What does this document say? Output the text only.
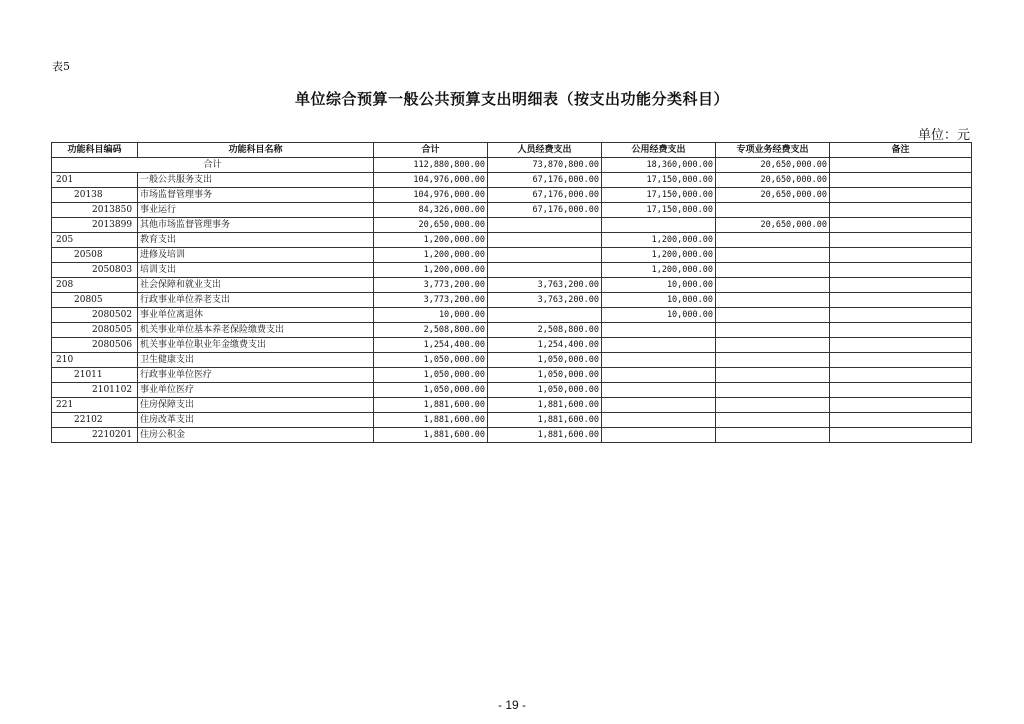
表5
单位综合预算一般公共预算支出明细表（按支出功能分类科目）
单位：元
功能科目编码	功能科目名称	合计	人员经费支出	公用经费支出	专项业务经费支出	备注
合计		112,880,800.00	73,870,800.00	18,360,000.00	20,650,000.00	
201	一般公共服务支出	104,976,000.00	67,176,000.00	17,150,000.00	20,650,000.00	
20138	市场监督管理事务	104,976,000.00	67,176,000.00	17,150,000.00	20,650,000.00	
2013850	事业运行	84,326,000.00	67,176,000.00	17,150,000.00		
2013899	其他市场监督管理事务	20,650,000.00			20,650,000.00	
205	教育支出	1,200,000.00		1,200,000.00		
20508	进修及培训	1,200,000.00		1,200,000.00		
2050803	培训支出	1,200,000.00		1,200,000.00		
208	社会保障和就业支出	3,773,200.00	3,763,200.00	10,000.00		
20805	行政事业单位养老支出	3,773,200.00	3,763,200.00	10,000.00		
2080502	事业单位离退休	10,000.00		10,000.00		
2080505	机关事业单位基本养老保险缴费支出	2,508,800.00	2,508,800.00			
2080506	机关事业单位职业年金缴费支出	1,254,400.00	1,254,400.00			
210	卫生健康支出	1,050,000.00	1,050,000.00			
21011	行政事业单位医疗	1,050,000.00	1,050,000.00			
2101102	事业单位医疗	1,050,000.00	1,050,000.00			
221	住房保障支出	1,881,600.00	1,881,600.00			
22102	住房改革支出	1,881,600.00	1,881,600.00			
2210201	住房公积金	1,881,600.00	1,881,600.00			
- 19 -
